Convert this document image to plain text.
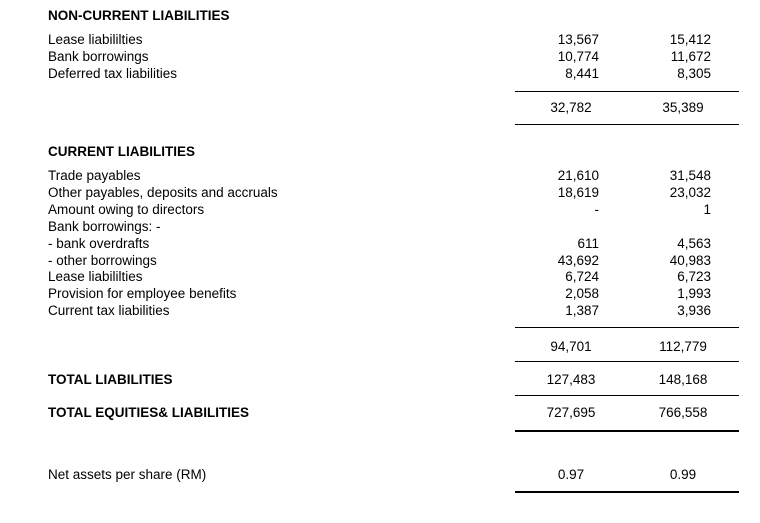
NON-CURRENT LIABILITIES
Lease liabililties	13,567	15,412
Bank borrowings	10,774	11,672
Deferred tax liabilities	8,441	8,305
32,782	35,389
CURRENT LIABILITIES
Trade payables	21,610	31,548
Other payables, deposits and accruals	18,619	23,032
Amount owing to directors	-	1
Bank borrowings: -
- bank overdrafts	611	4,563
- other borrowings	43,692	40,983
Lease liabililties	6,724	6,723
Provision for employee benefits	2,058	1,993
Current tax liabilities	1,387	3,936
94,701	112,779
TOTAL LIABILITIES	127,483	148,168
TOTAL EQUITIES& LIABILITIES	727,695	766,558
Net assets per share (RM)	0.97	0.99
